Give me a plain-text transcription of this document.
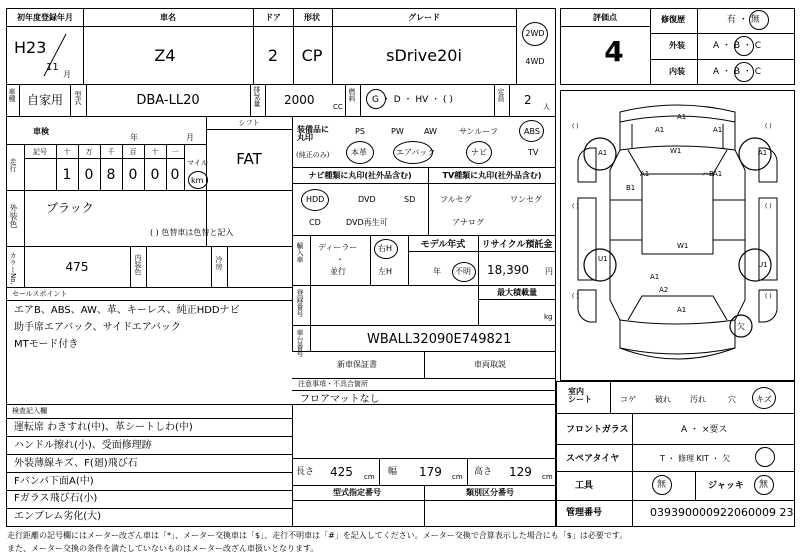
初年度登録年月	車名	ドア	形状	グレード
H23
11
月
Z4	2 CP	sDrive20i
2WD
4WD
車種 自家用 型式	DBA-LL20	排気量 2000	CC
燃料 G ・ D ・ HV ・ ( )	定員 2 人
車検
年	月
シフト
FAT
走行
記号 十 万 千 百 十 一
1 0 8 0 0 0
マイル
km
外装色 ブラック
( ) 色替車は色替と記入
カラーNo.	475	内装色	冷房
セールスポイント
エアB、ABS、AW、革、キーレス、純正HDDナビ
助手席エアバック、サイドエアバック
MTモード付き
検査記入欄
運転席 わきすれ(中)、革シートしわ(中)
ハンドル擦れ(小)、受面修理跡
外装薄線キズ、F(廻)飛び石
Fバンパ下面A(中)
Fガラス飛び石(小)
エンブレム劣化(大)
装備品に
丸印
(純正のみ)
PS	PW	AW	サンルーフ	ABS
本革	エアバック	ナビ	TV
ナビ種類に丸印(社外品含む)	TV種類に丸印(社外品含む)
HDD	DVD	SD
CD	DVD再生可
フルセグ	ワンセグ
アナログ
輸入車 ディーラー
・
並行
右H
左H
モデル年式
年 不明
リサイクル預託金
18,390 円
登録番号	最大積載量
kg
車台番号	WBALL32090E749821
新車保証書	車両取説
注意事項・不具合箇所
フロアマットなし
長さ 425 cm 幅 179 cm 高さ 129 cm
型式指定番号	類別区分番号
評価点
4
修復歴	有 ・ 無
外装	A ・ B ・ C
内装	A ・ B ・ C
( )	( )
( )	( )
( )	( )
A1
A1	A1
W1
A1	A1
A1	A1
B1
U1
W1
U1
A1
A2
A1
ハB
欠
室内
シート	コゲ 破れ 汚れ	穴	キズ
フロントガラス	A ・ ×要ス
スペアタイヤ	T ・ 修理 KIT ・ 欠
工具	無	ジャッキ 無
管理番号	039390000922060009 23
走行距離の記号欄にはメーター改ざん車は「*」、メーター交換車は「$」、走行不明車は「#」を記入してください。メーター交換で合算表示した場合にも「$」は必要です。
また、メーター交換の条件を満たしていないものはメーター改ざん車扱いとなります。
